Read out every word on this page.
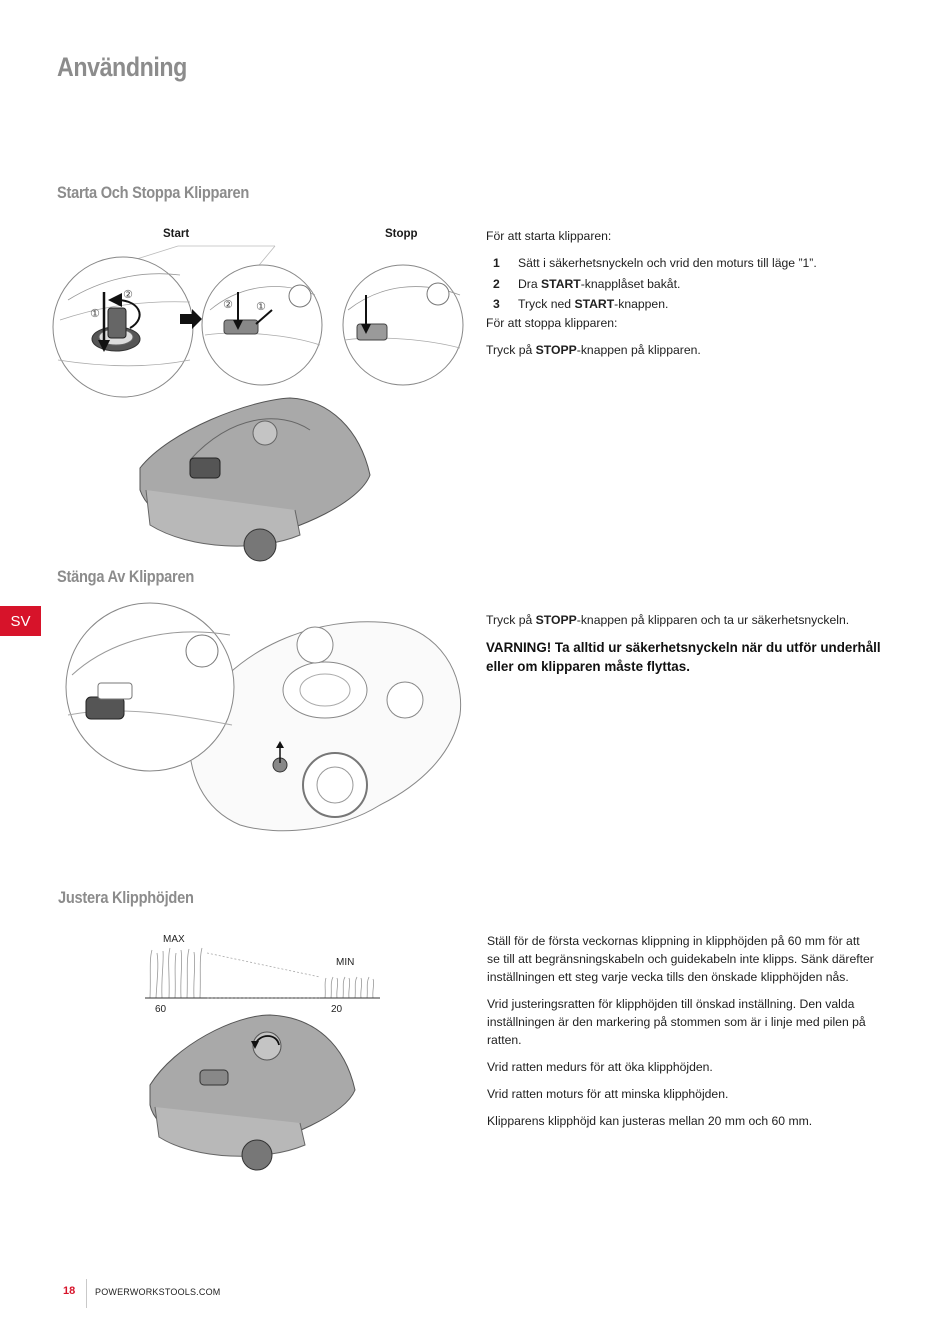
Användning
SV
Starta Och Stoppa Klipparen
Start	Stopp
①
②
② ①

För att starta klipparen:

1	Sätt i säkerhetsnyckeln och vrid den moturs till läge ”1”.
2	Dra START-knapplåset bakåt.
3	Tryck ned START-knappen.

För att stoppa klipparen:

Tryck på STOPP-knappen på klipparen.

Stänga Av Klipparen

Tryck på STOPP-knappen på klipparen och ta ur säkerhetsnyckeln.

VARNING! Ta alltid ur säkerhetsnyckeln när du utför underhåll
eller om klipparen måste flyttas.

Justera Klipphöjden
MAX
MIN
60	20

Ställ för de första veckornas klippning in klipphöjden på 60 mm för att
se till att begränsningskabeln och guidekabeln inte klipps. Sänk därefter
inställningen ett steg varje vecka tills den önskade klipphöjden nås.

Vrid justeringsratten för klipphöjden till önskad inställning. Den valda
inställningen är den markering på stommen som är i linje med pilen på
ratten.

Vrid ratten medurs för att öka klipphöjden.

Vrid ratten moturs för att minska klipphöjden.

Klipparens klipphöjd kan justeras mellan 20 mm och 60 mm.

18 POWERWORKSTOOLS.COM
